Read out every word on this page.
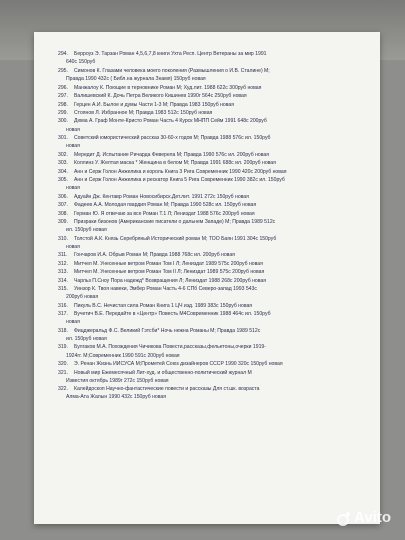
294. Берроуз Э. Тарзан Роман 4,5,6,7,8 книги Ухта Респ. Центр Ветераны за мир 1991
640с 150руб
295. Симонов К. Глазами человека моего поколения (Размышления о И.В. Сталине) М;
Правда 1990 432с ( Библ.на журнала Знамя) 150руб новая
296. Манжалоу К. Поющие в терновнике Роман М; Худ.лит. 1988 622с 300руб новая
297. Валишевский К. Дочь Петра Великого Кишинев 1990г 564с 250руб новая
298. Герцен А.И. Былое и думы Части 1-3 М; Правда 1983 150руб новая
299. Стоянов Л. Избранное М; Правда 1983 512с 150руб новая
300. Дюма А. Граф Монте-Кристо Роман Часть 4 Курск МНПП Сейм 1991 648с 200руб
новая
301. Советский юмористический рассказ 30-60-х годов М; Правда 1988 576с ил. 150руб
новая
302. Мередит Д. Испытание Ричарда Феверела М; Правда 1990 576с ил. 200руб новая
303. Коллинз У. Желтая маска * Женщина в белом М; Правда 1991 688с ил. 200руб новая
304. Анн и Серж Голон Анжелика и король Книга 3 Рига Современник 1990 420с 200руб новая
305. Анн и Серж Голон Анжелика и рескатор Книга 5 Рига Современник 1990 382с ил. 150руб
новая
306. Адуайн Дж. Кентавр Роман Новосибирск.Дет.лит. 1991 272с 150руб новая
307. Фадеев А.А. Молодая гвардия Роман М; Правда 1990 528с ил. 150руб новая
308. Герман Ю. Я отвечаю за все Роман Т.1 Л; Лениздат 1988 576с 200руб новая
309. Призраки бизонов (Американские писатели о дальнем Западе) М; Правда 1989 512с
ил. 150руб новая
310. Толстой А.К. Князь Серебряный Исторический роман М; ТОО Баян 1991 304с 150руб
новая
311. Гончаров И.А. Обрыв Роман М; Правда 1988 768с ил. 200руб новая
312. Митчел М. Унесенные ветром Роман Том I Л; Лениздат 1989 575с 200руб новая
313. Митчел М. Унесенные ветром Роман Том II Л; Лениздат 1989 575с 200руб новая
314. Чарльз П.Сноу Пора надежд* Возвращения Л; Лениздат 1988 268с 200руб новая
315. Уинзор К. Твоя навеки, Эмбер Роман Часть 4-6 СПб Северо-запад 1993 543с
200руб новая
316. Пикуль В.С. Нечистая сила Роман Книга 1 ЦЧ изд. 1989 383с 150руб новая
317. Вучетич В.Е. Передайте в «Центр» Повесть М4Современник 1988 464с ил. 150руб
новая
318. Фицджеральд Ф.С. Великий Гэтсби* Ночь нежна Романы М; Правда 1989 512с
ил. 150руб новая
319. Булгаков М.А. Похождения Чичикова Повести,рассказы,фельетоны,очерки 1919-
1924гг. М;Современник 1990 591с 200руб новая
320. Э. Ренан Жизнь ИИСУСА М;Прометей Союз дизайнеров СССР 1990 320с 150руб новая
321. Новый мир Ежемесячный Лит-худ. и общественно-политический журнал М
Известия октябрь 1989г 272с 150руб новая
322. Калейдоскоп Научно-фантастические повести и рассказы Для ст.шк. возраста
Алма-Ата Жалын 1990 432с 150руб новая
Avito
